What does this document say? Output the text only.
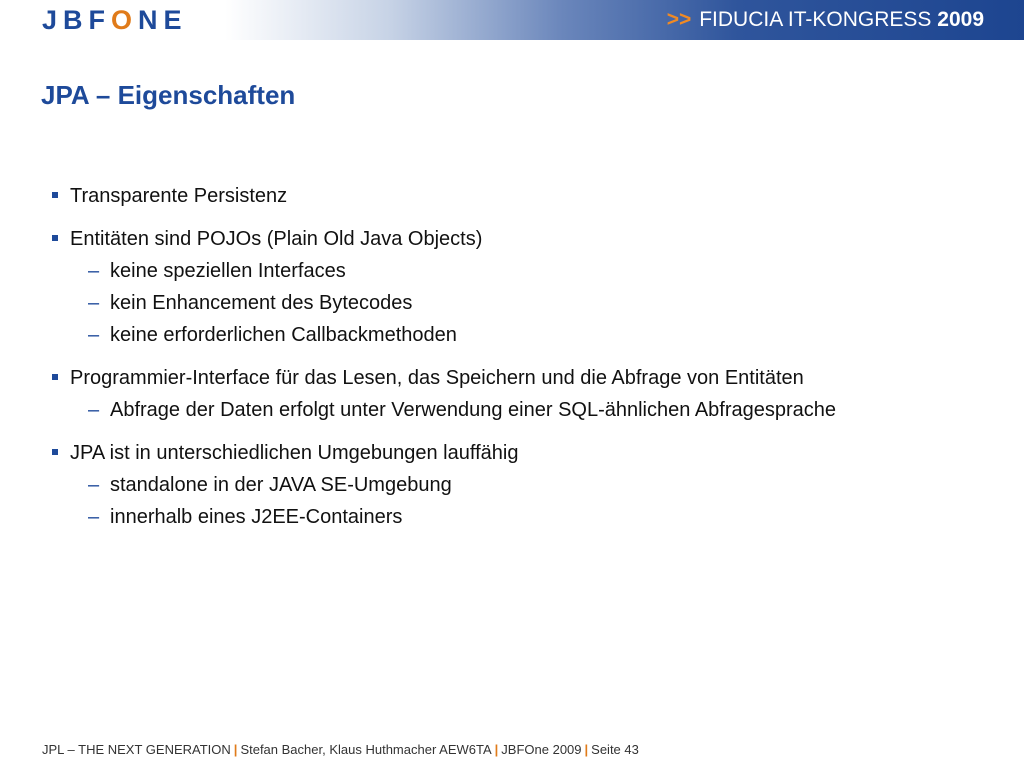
JBFONE	>> FIDUCIA IT-KONGRESS 2009
JPA – Eigenschaften
Transparente Persistenz
Entitäten sind POJOs (Plain Old Java Objects)
– keine speziellen Interfaces
– kein Enhancement des Bytecodes
– keine erforderlichen Callbackmethoden
Programmier-Interface für das Lesen, das Speichern und die Abfrage von Entitäten
– Abfrage der Daten erfolgt unter Verwendung einer SQL-ähnlichen Abfragesprache
JPA ist in unterschiedlichen Umgebungen lauffähig
– standalone in der JAVA SE-Umgebung
– innerhalb eines J2EE-Containers
JPL – THE NEXT GENERATION | Stefan Bacher, Klaus Huthmacher AEW6TA | JBFOne 2009 | Seite 43
